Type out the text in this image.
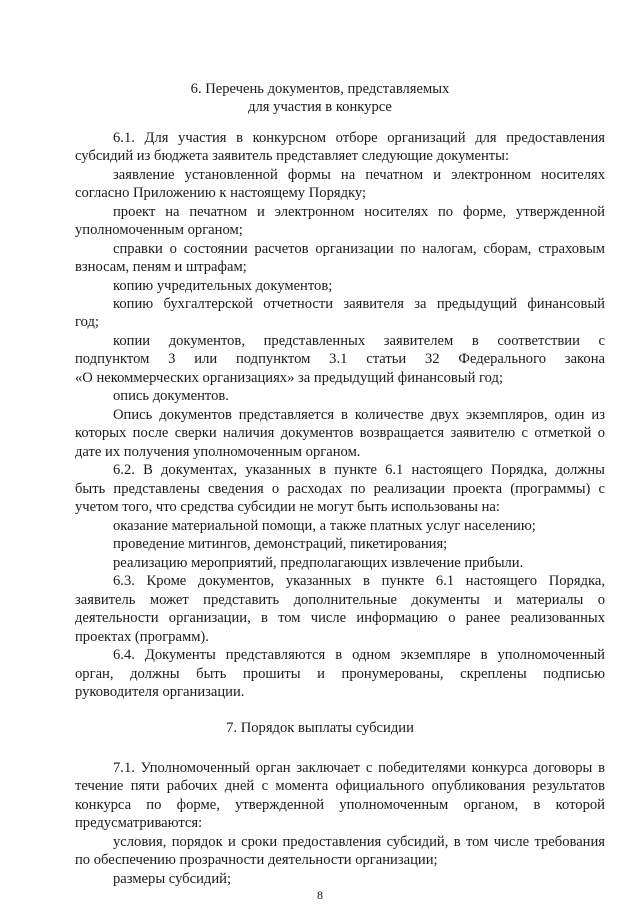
6. Перечень документов, представляемых
для участия в конкурсе
6.1. Для участия в конкурсном отборе организаций для предоставления
субсидий из бюджета заявитель представляет следующие документы:
заявление установленной формы на печатном и электронном носителях
согласно Приложению к настоящему Порядку;
проект на печатном и электронном носителях по форме, утвержденной
уполномоченным органом;
справки о состоянии расчетов организации по налогам, сборам, страховым
взносам, пеням и штрафам;
копию учредительных документов;
копию бухгалтерской отчетности заявителя за предыдущий финансовый
год;
копии документов, представленных заявителем в соответствии с
подпунктом 3 или подпунктом 3.1 статьи 32 Федерального закона
«О некоммерческих организациях» за предыдущий финансовый год;
опись документов.
Опись документов представляется в количестве двух экземпляров, один из
которых после сверки наличия документов возвращается заявителю с отметкой о
дате их получения уполномоченным органом.
6.2. В документах, указанных в пункте 6.1 настоящего Порядка, должны
быть представлены сведения о расходах по реализации проекта (программы) с
учетом того, что средства субсидии не могут быть использованы на:
оказание материальной помощи, а также платных услуг населению;
проведение митингов, демонстраций, пикетирования;
реализацию мероприятий, предполагающих извлечение прибыли.
6.3. Кроме документов, указанных в пункте 6.1 настоящего Порядка,
заявитель может представить дополнительные документы и материалы о
деятельности организации, в том числе информацию о ранее реализованных
проектах (программ).
6.4. Документы представляются в одном экземпляре в уполномоченный
орган, должны быть прошиты и пронумерованы, скреплены подписью
руководителя организации.
7. Порядок выплаты субсидии
7.1. Уполномоченный орган заключает с победителями конкурса договоры в
течение пяти рабочих дней с момента официального опубликования результатов
конкурса по форме, утвержденной уполномоченным органом, в которой
предусматриваются:
условия, порядок и сроки предоставления субсидий, в том числе требования
по обеспечению прозрачности деятельности организации;
размеры субсидий;
8
